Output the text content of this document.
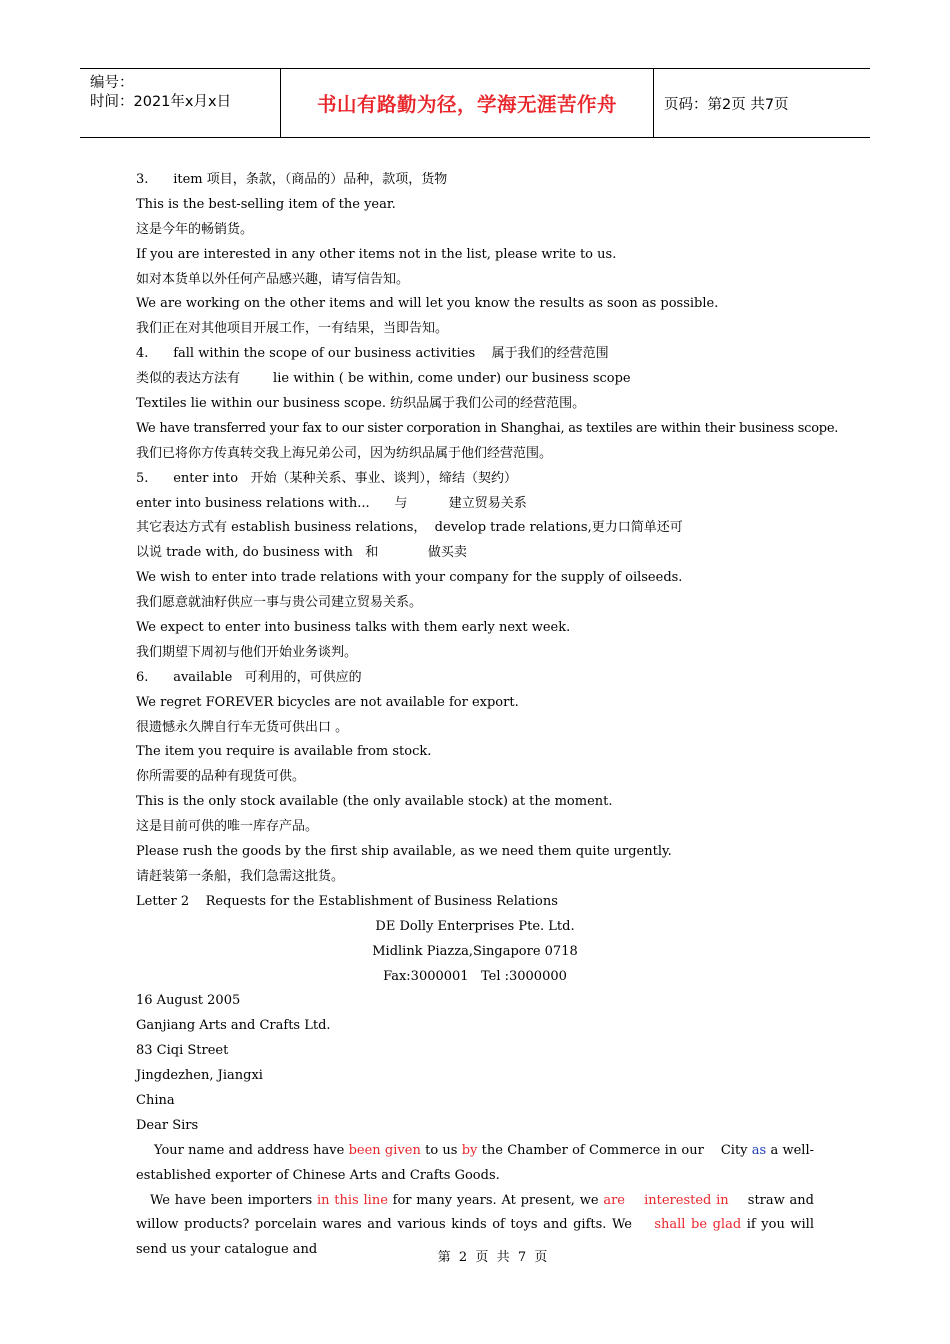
编号：
时间：2021年x月x日	书山有路勤为径，学海无涯苦作舟	页码：第2页 共7页
3.      item 项目，条款，（商品的）品种，款项，货物
This is the best-selling item of the year.
这是今年的畅销货。
If you are interested in any other items not in the list, please write to us.
如对本货单以外任何产品感兴趣，请写信告知。
We are working on the other items and will let you know the results as soon as possible.
我们正在对其他项目开展工作，一有结果，当即告知。
4.      fall within the scope of our business activities    属于我们的经营范围
类似的表达方法有        lie within ( be within, come under) our business scope
Textiles lie within our business scope. 纺织品属于我们公司的经营范围。
We have transferred your fax to our sister corporation in Shanghai, as textiles are within their business scope.
我们已将你方传真转交我上海兄弟公司，因为纺织品属于他们经营范围。
5.      enter into   开始（某种关系、事业、谈判），缔结（契约）
enter into business relations with...      与          建立贸易关系
其它表达方式有 establish business relations，  develop trade relations,更力口简单还可
以说 trade with, do business with   和            做买卖
We wish to enter into trade relations with your company for the supply of oilseeds.
我们愿意就油籽供应一事与贵公司建立贸易关系。
We expect to enter into business talks with them early next week.
我们期望下周初与他们开始业务谈判。
6.      available   可利用的，可供应的
We regret FOREVER bicycles are not available for export.
很遗憾永久牌自行车无货可供出口 。
The item you require is available from stock.
你所需要的品种有现货可供。
This is the only stock available (the only available stock) at the moment.
这是目前可供的唯一库存产品。
Please rush the goods by the first ship available, as we need them quite urgently.
请赶装第一条船，我们急需这批货。
Letter 2    Requests for the Establishment of Business Relations
DE Dolly Enterprises Pte. Ltd.
Midlink Piazza,Singapore 0718
Fax:3000001   Tel :3000000
16 August 2005
Ganjiang Arts and Crafts Ltd.
83 Ciqi Street
Jingdezhen, Jiangxi
China
Dear Sirs
Your name and address have been given to us by the Chamber of Commerce in our    City as a well-established exporter of Chinese Arts and Crafts Goods.
We have been importers in this line for many years. At present, we are interested in    straw and willow products? porcelain wares and various kinds of toys and gifts. We    shall be glad if you will send us your catalogue and
第  2  页  共  7  页
